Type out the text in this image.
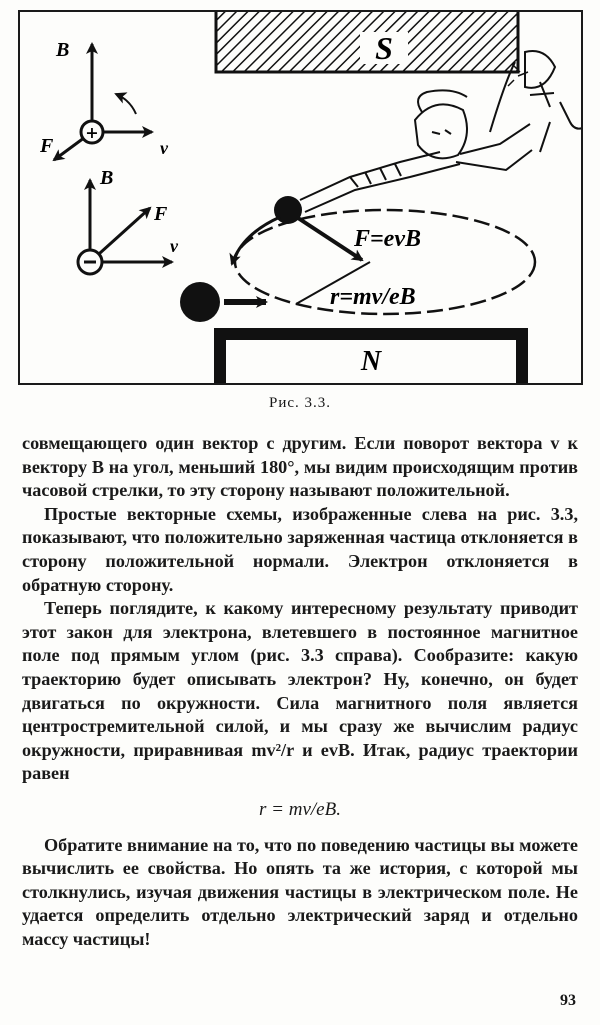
S
N
+
B
F	v
B
F
v	F=evB
r=mv/eB
Рис. 3.3.

совмещающего один вектор с другим. Если поворот вектора v к вектору B на угол, меньший 180°, мы видим происходящим против часовой стрелки, то эту сторону называют положительной.

Простые векторные схемы, изображенные слева на рис. 3.3, показывают, что положительно заряженная частица отклоняется в сторону положительной нормали. Электрон отклоняется в обратную сторону.

Теперь поглядите, к какому интересному результату приводит этот закон для электрона, влетевшего в постоянное магнитное поле под прямым углом (рис. 3.3 справа). Сообразите: какую траекторию будет описывать электрон? Ну, конечно, он будет двигаться по окружности. Сила магнитного поля является центростремительной силой, и мы сразу же вычислим радиус окружности, приравнивая mv²/r и evB. Итак, радиус траектории равен

r = mv/eB.

Обратите внимание на то, что по поведению частицы вы можете вычислить ее свойства. Но опять та же история, с которой мы столкнулись, изучая движения частицы в электрическом поле. Не удается определить отдельно электрический заряд и отдельно массу частицы!

93
